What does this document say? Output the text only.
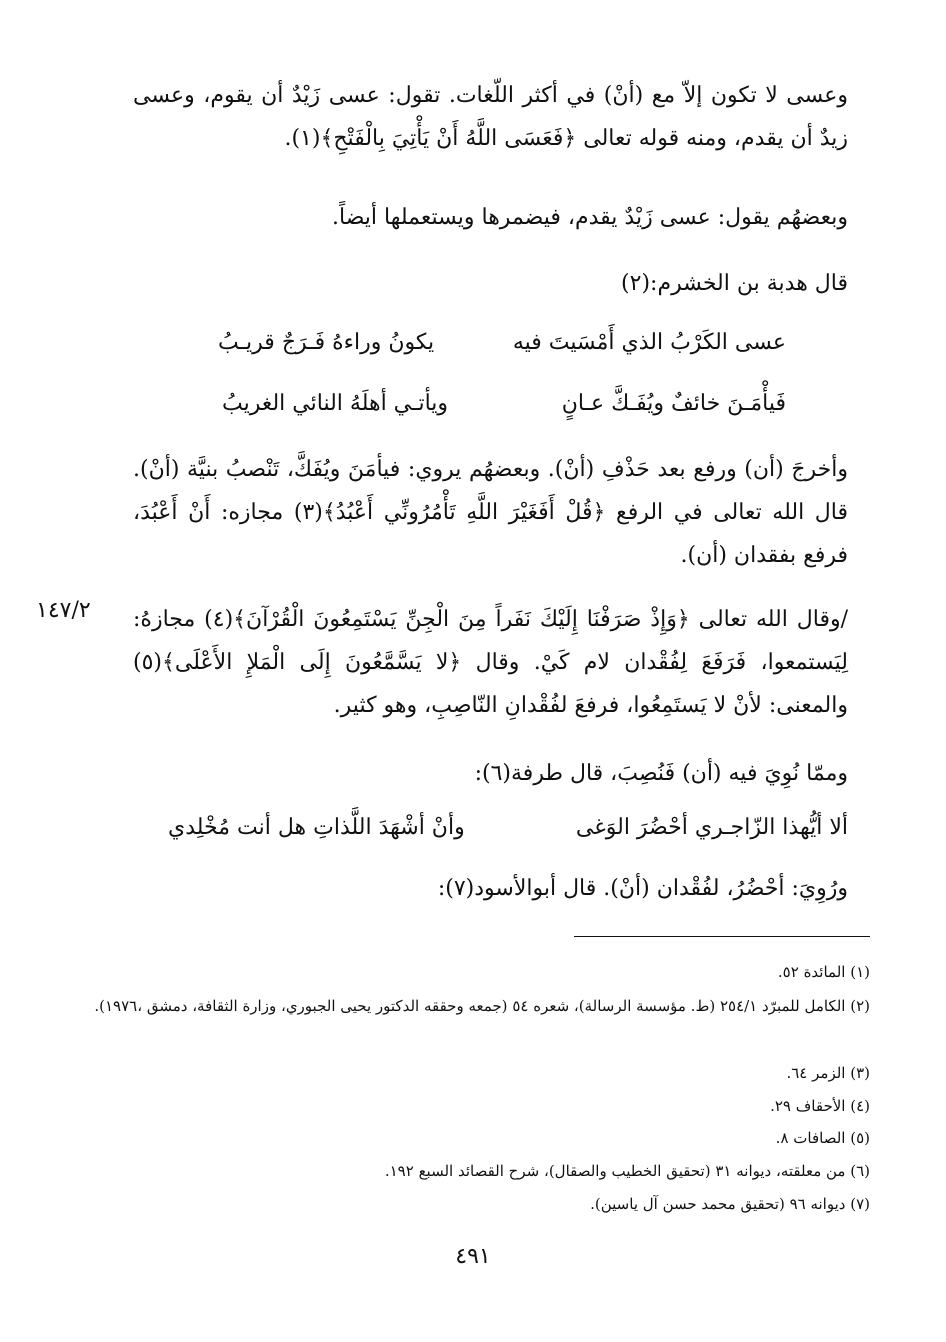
وعسى لا تكون إلاّ مع (أنْ) في أكثر اللّغات. تقول: عسى زَيْدٌ أن يقوم، وعسى زيدٌ أن يقدم، ومنه قوله تعالى ﴿فَعَسَى اللَّهُ أَنْ يَأْتِيَ بِالْفَتْحِ﴾(١).

وبعضهُم يقول: عسى زَيْدٌ يقدم، فيضمرها ويستعملها أيضاً.

قال هدبة بن الخشرم:(٢)

عسى الكَرْبُ الذي أَمْسَيتَ فيه
يكونُ وراءهُ فَـرَجٌ قريـبُ
فَيأْمَـنَ خائفٌ ويُفَـكَّ عـانٍ
ويأتـي أهلَهُ النائي الغريبُ

وأخرجَ (أن) ورفع بعد حَذْفِ (أنْ). وبعضهُم يروي: فيأمَنَ ويُفَكَّ، تَنْصبُ بنيَّة (أنْ). قال الله تعالى في الرفع ﴿قُلْ أَفَغَيْرَ اللَّهِ تَأْمُرُونِّي أَعْبُدُ﴾(٣) مجازه: أَنْ أَعْبُدَ، فرفع بفقدان (أن).

١٤٧/٢ /وقال الله تعالى ﴿وَإِذْ صَرَفْنَا إِلَيْكَ نَفَراً مِنَ الْجِنِّ يَسْتَمِعُونَ الْقُرْآنَ﴾(٤) مجازهُ: لِيَستمعوا، فَرَفَعَ لِفُقْدان لام كَيْ. وقال ﴿لا يَسَّمَّعُونَ إِلَى الْمَلإِ الأَعْلَى﴾(٥) والمعنى: لأنْ لا يَستَمِعُوا، فرفعَ لفُقْدانِ النّاصِبِ، وهو كثير.

وممّا نُوِيَ فيه (أن) فَنُصِبَ، قال طرفة(٦):

ألا أيُّهذا الزّاجـري أحْضُرَ الوَغى
وأنْ أشْهَدَ اللَّذاتِ هل أنت مُخْلِدي
ورُوِيَ: أحْضُرُ، لفُقْدان (أنْ). قال أبوالأسود(٧):
(١) المائدة ٥٢.
(٢) الكامل للمبرّد ٢٥٤/١ (ط. مؤسسة الرسالة)، شعره ٥٤ (جمعه وحققه الدكتور يحيى الجبوري، وزارة الثقافة، دمشق ،١٩٧٦).
(٣) الزمر ٦٤.
(٤) الأحقاف ٢٩.
(٥) الصافات ٨.
(٦) من معلقته، ديوانه ٣١ (تحقيق الخطيب والصقال)، شرح القصائد السبع ١٩٢.
(٧) ديوانه ٩٦ (تحقيق محمد حسن آل ياسين).
٤٩١
